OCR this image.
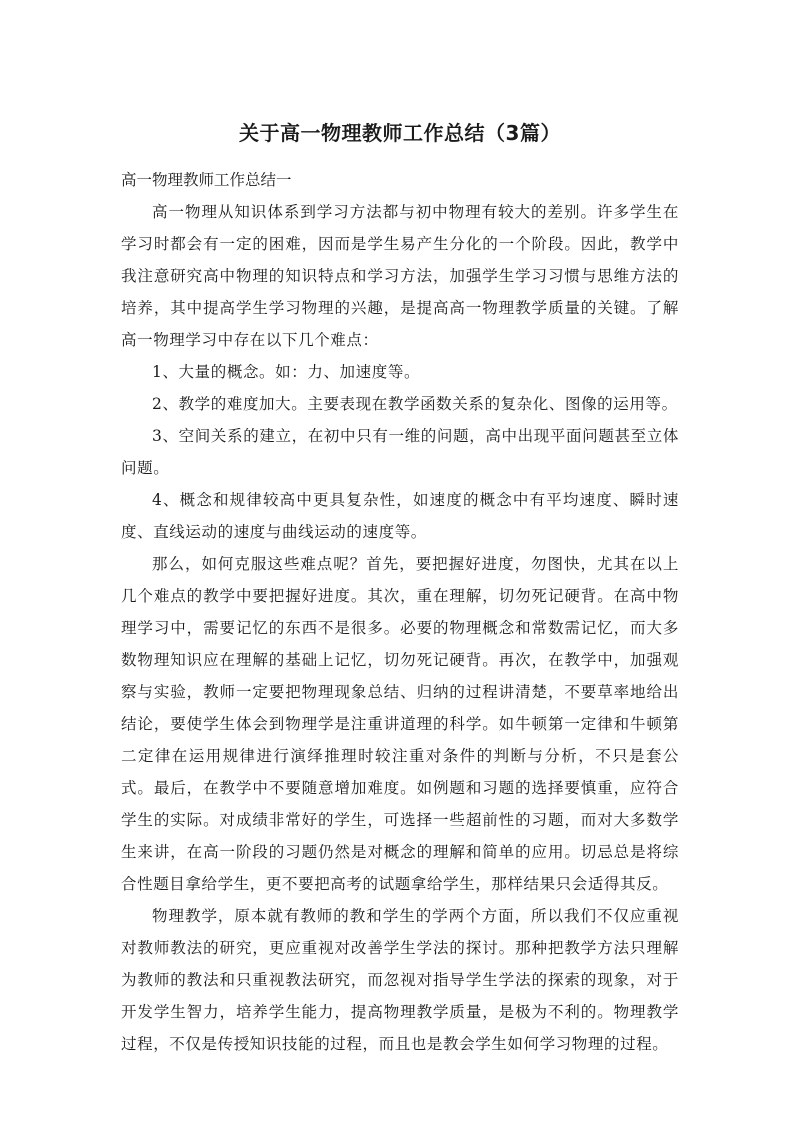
关于高一物理教师工作总结（3篇）

高一物理教师工作总结一

高一物理从知识体系到学习方法都与初中物理有较大的差别。许多学生在学习时都会有一定的困难，因而是学生易产生分化的一个阶段。因此，教学中我注意研究高中物理的知识特点和学习方法，加强学生学习习惯与思维方法的培养，其中提高学生学习物理的兴趣，是提高高一物理教学质量的关键。了解高一物理学习中存在以下几个难点：

1、大量的概念。如：力、加速度等。

2、教学的难度加大。主要表现在教学函数关系的复杂化、图像的运用等。

3、空间关系的建立，在初中只有一维的问题，高中出现平面问题甚至立体问题。

4、概念和规律较高中更具复杂性，如速度的概念中有平均速度、瞬时速度、直线运动的速度与曲线运动的速度等。

那么，如何克服这些难点呢？首先，要把握好进度，勿图快，尤其在以上几个难点的教学中要把握好进度。其次，重在理解，切勿死记硬背。在高中物理学习中，需要记忆的东西不是很多。必要的物理概念和常数需记忆，而大多数物理知识应在理解的基础上记忆，切勿死记硬背。再次，在教学中，加强观察与实验，教师一定要把物理现象总结、归纳的过程讲清楚，不要草率地给出结论，要使学生体会到物理学是注重讲道理的科学。如牛顿第一定律和牛顿第二定律在运用规律进行演绎推理时较注重对条件的判断与分析，不只是套公式。最后，在教学中不要随意增加难度。如例题和习题的选择要慎重，应符合学生的实际。对成绩非常好的学生，可选择一些超前性的习题，而对大多数学生来讲，在高一阶段的习题仍然是对概念的理解和简单的应用。切忌总是将综合性题目拿给学生，更不要把高考的试题拿给学生，那样结果只会适得其反。

物理教学，原本就有教师的教和学生的学两个方面，所以我们不仅应重视对教师教法的研究，更应重视对改善学生学法的探讨。那种把教学方法只理解为教师的教法和只重视教法研究，而忽视对指导学生学法的探索的现象，对于开发学生智力，培养学生能力，提高物理教学质量，是极为不利的。物理教学过程，不仅是传授知识技能的过程，而且也是教会学生如何学习物理的过程。
